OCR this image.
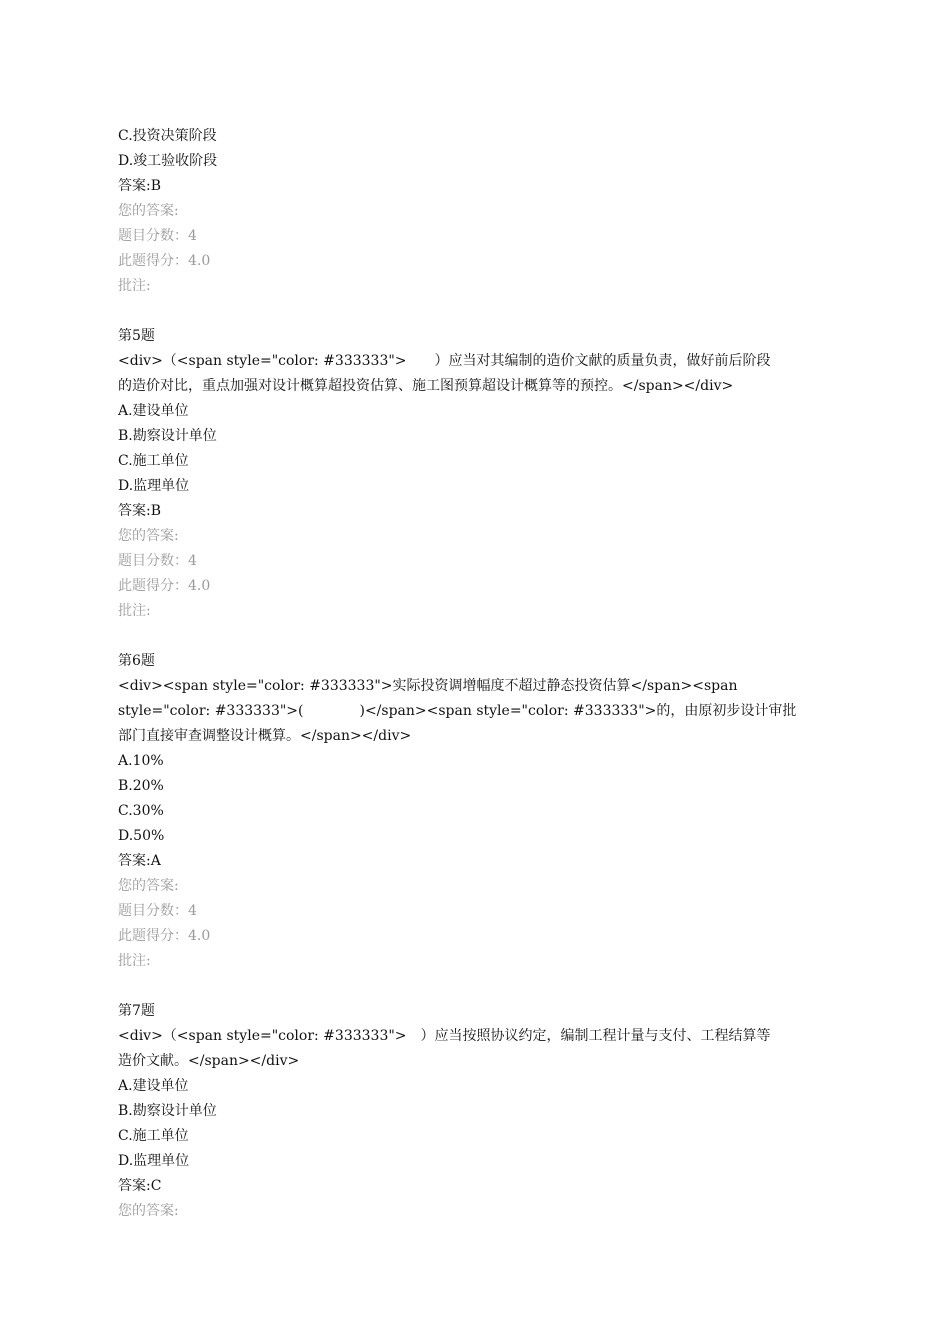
C.投资决策阶段
D.竣工验收阶段
答案:B
您的答案:
题目分数：4
此题得分：4.0
批注:
第5题
<div>（<span style="color: #333333">　　）应当对其编制的造价文献的质量负责，做好前后阶段
的造价对比，重点加强对设计概算超投资估算、施工图预算超设计概算等的预控。</span></div>
A.建设单位
B.勘察设计单位
C.施工单位
D.监理单位
答案:B
您的答案:
题目分数：4
此题得分：4.0
批注:
第6题
<div><span style="color: #333333">实际投资调增幅度不超过静态投资估算</span><span
style="color: #333333">(　　　　)</span><span style="color: #333333">的，由原初步设计审批
部门直接审查调整设计概算。</span></div>
A.10%
B.20%
C.30%
D.50%
答案:A
您的答案:
题目分数：4
此题得分：4.0
批注:
第7题
<div>（<span style="color: #333333">　）应当按照协议约定，编制工程计量与支付、工程结算等
造价文献。</span></div>
A.建设单位
B.勘察设计单位
C.施工单位
D.监理单位
答案:C
您的答案:
